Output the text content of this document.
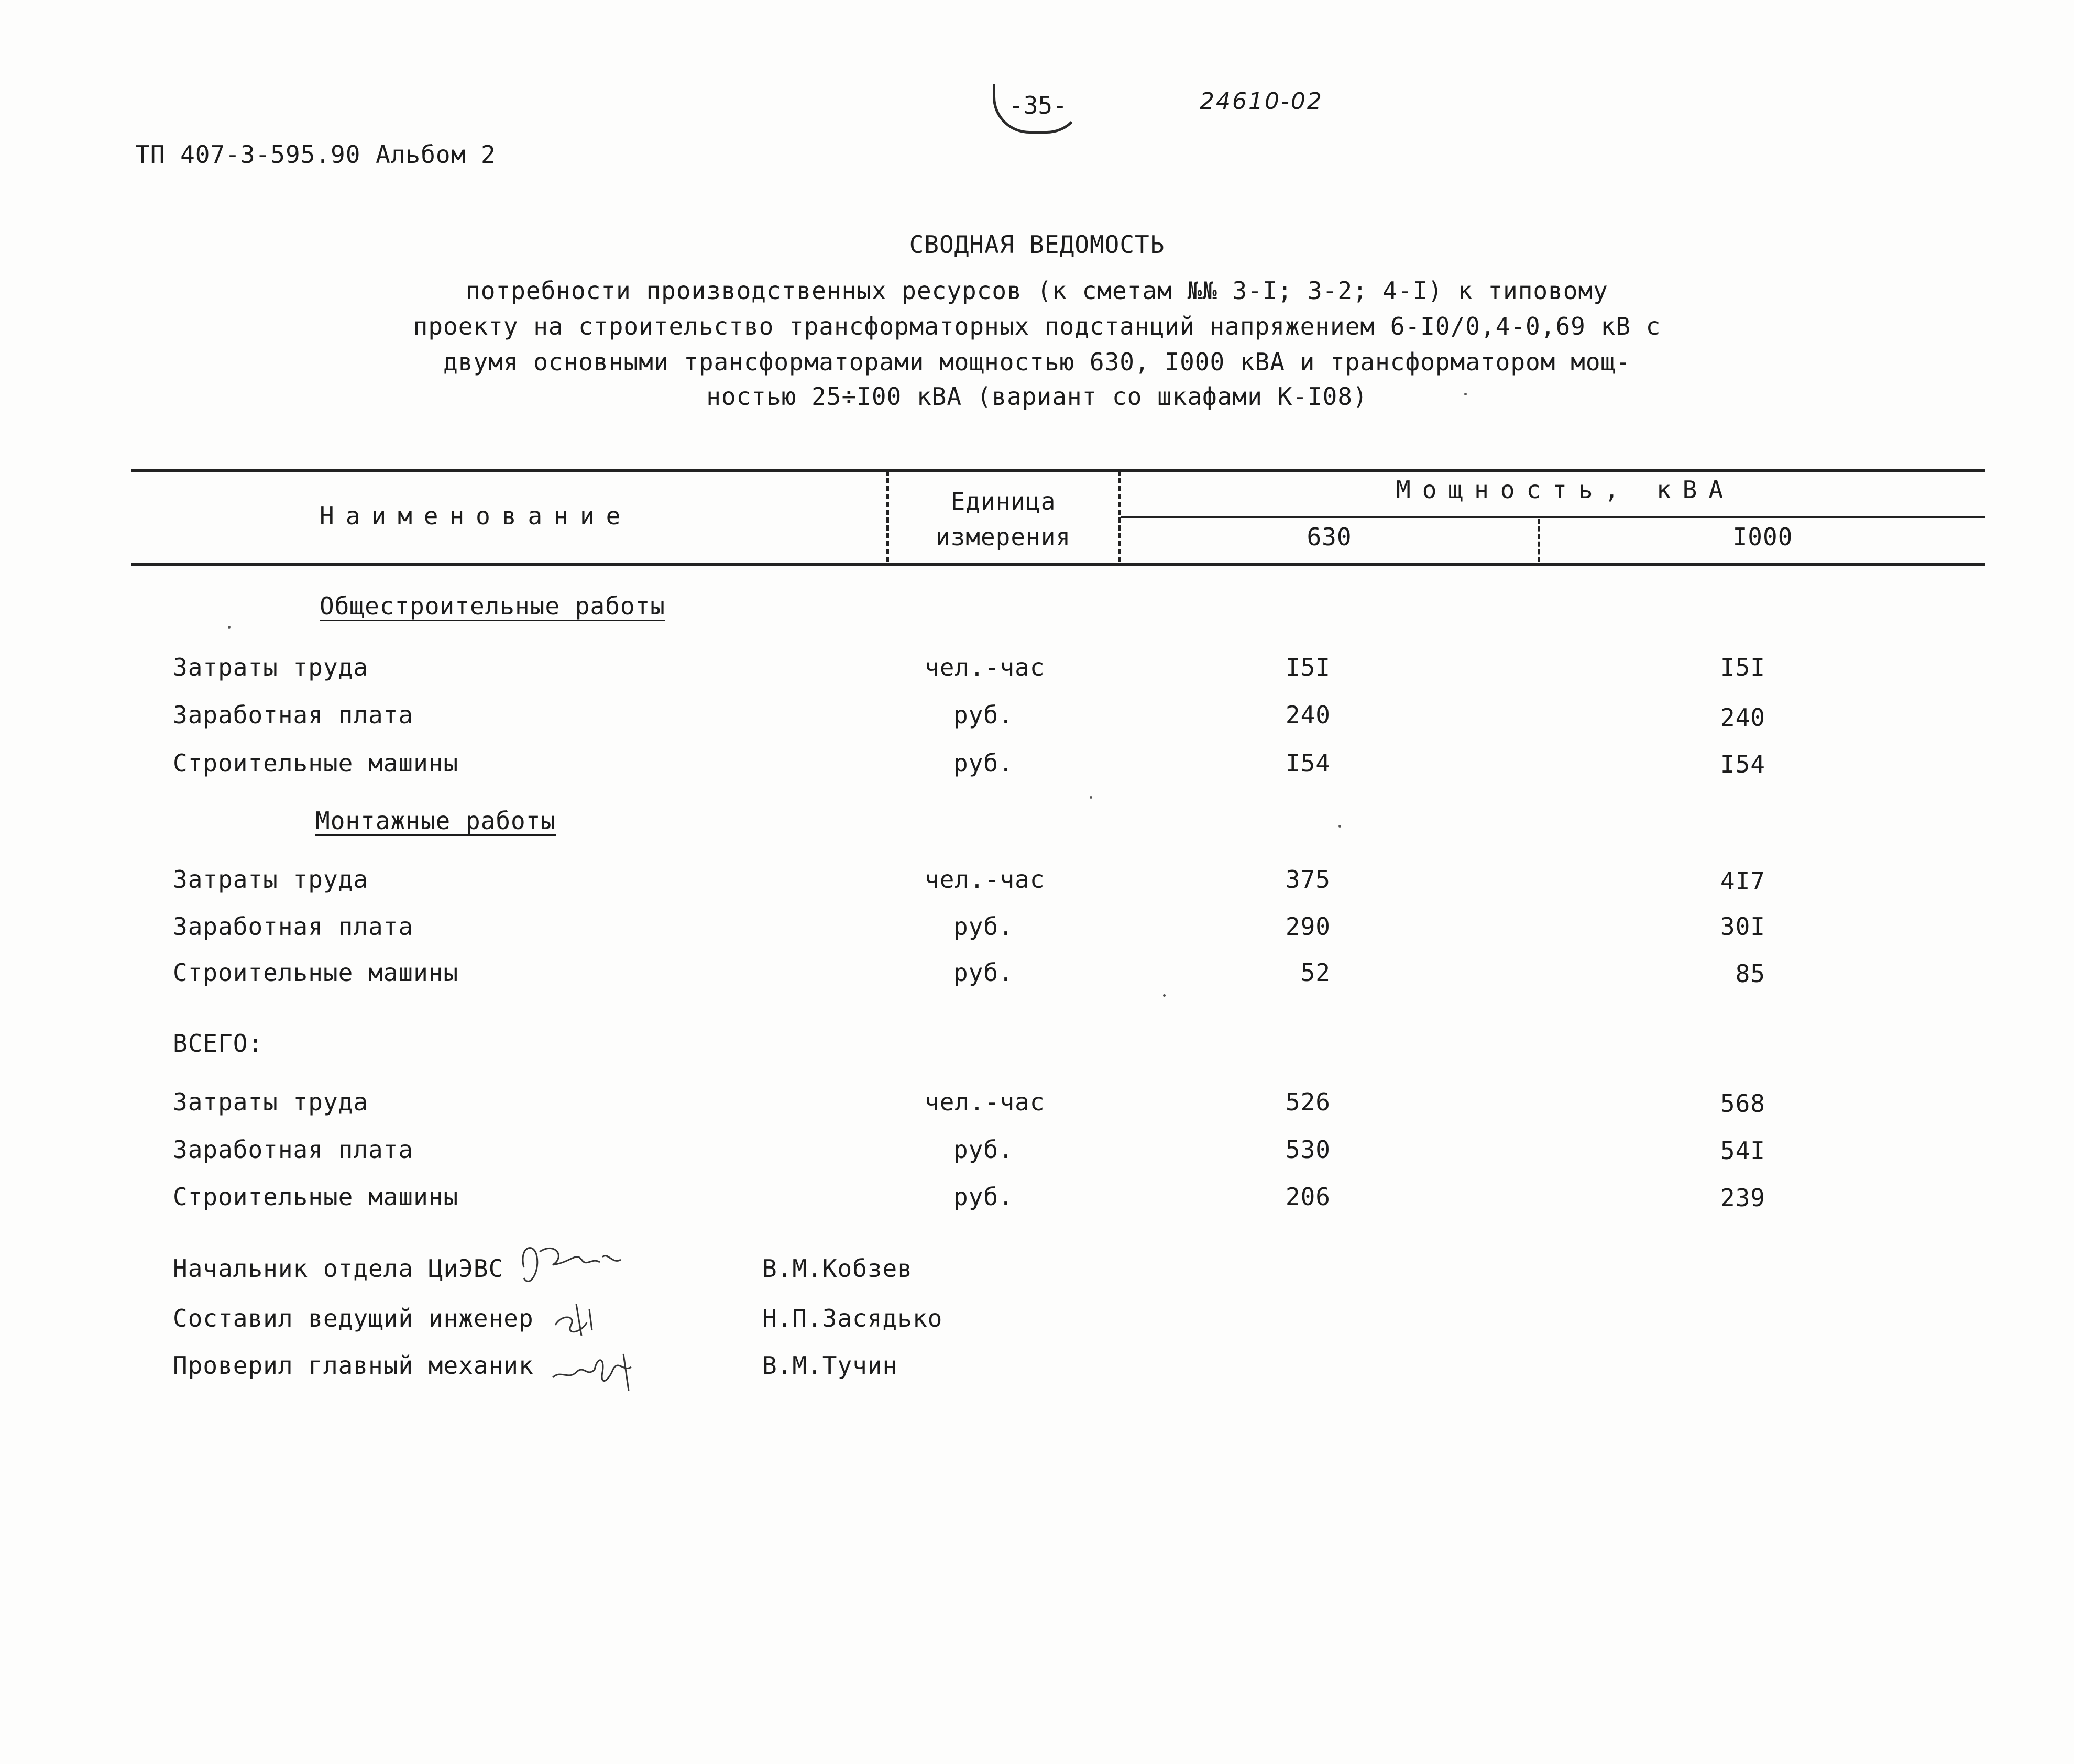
ТП 407-3-595.90 Альбом 2
-35-	24610-02
СВОДНАЯ ВЕДОМОСТЬ
потребности производственных ресурсов (к сметам №№ 3-I; 3-2; 4-I) к типовому
проекту на строительство трансформаторных подстанций напряжением 6-I0/0,4-0,69 кВ с
двумя основными трансформаторами мощностью 630, I000 кВА и трансформатором мощ-
ностью 25÷I00 кВА (вариант со шкафами К-I08)
Наименование
Единица
измерения
Мощность, кВА
630	I000
Общестроительные работы
Затраты труда	чел.-час	I5I	I5I
Заработная плата	руб.	240	240
Строительные машины	руб.	I54	I54
Монтажные работы
Затраты труда	чел.-час	375	4I7
Заработная плата	руб.	290	30I
Строительные машины	руб.	52	85
ВСЕГО:
Затраты труда	чел.-час	526	568
Заработная плата	руб.	530	54I
Строительные машины	руб.	206	239
Начальник отдела ЦиЭВС	В.М.Кобзев
Составил ведущий инженер	Н.П.Засядько
Проверил главный механик	В.М.Тучин
